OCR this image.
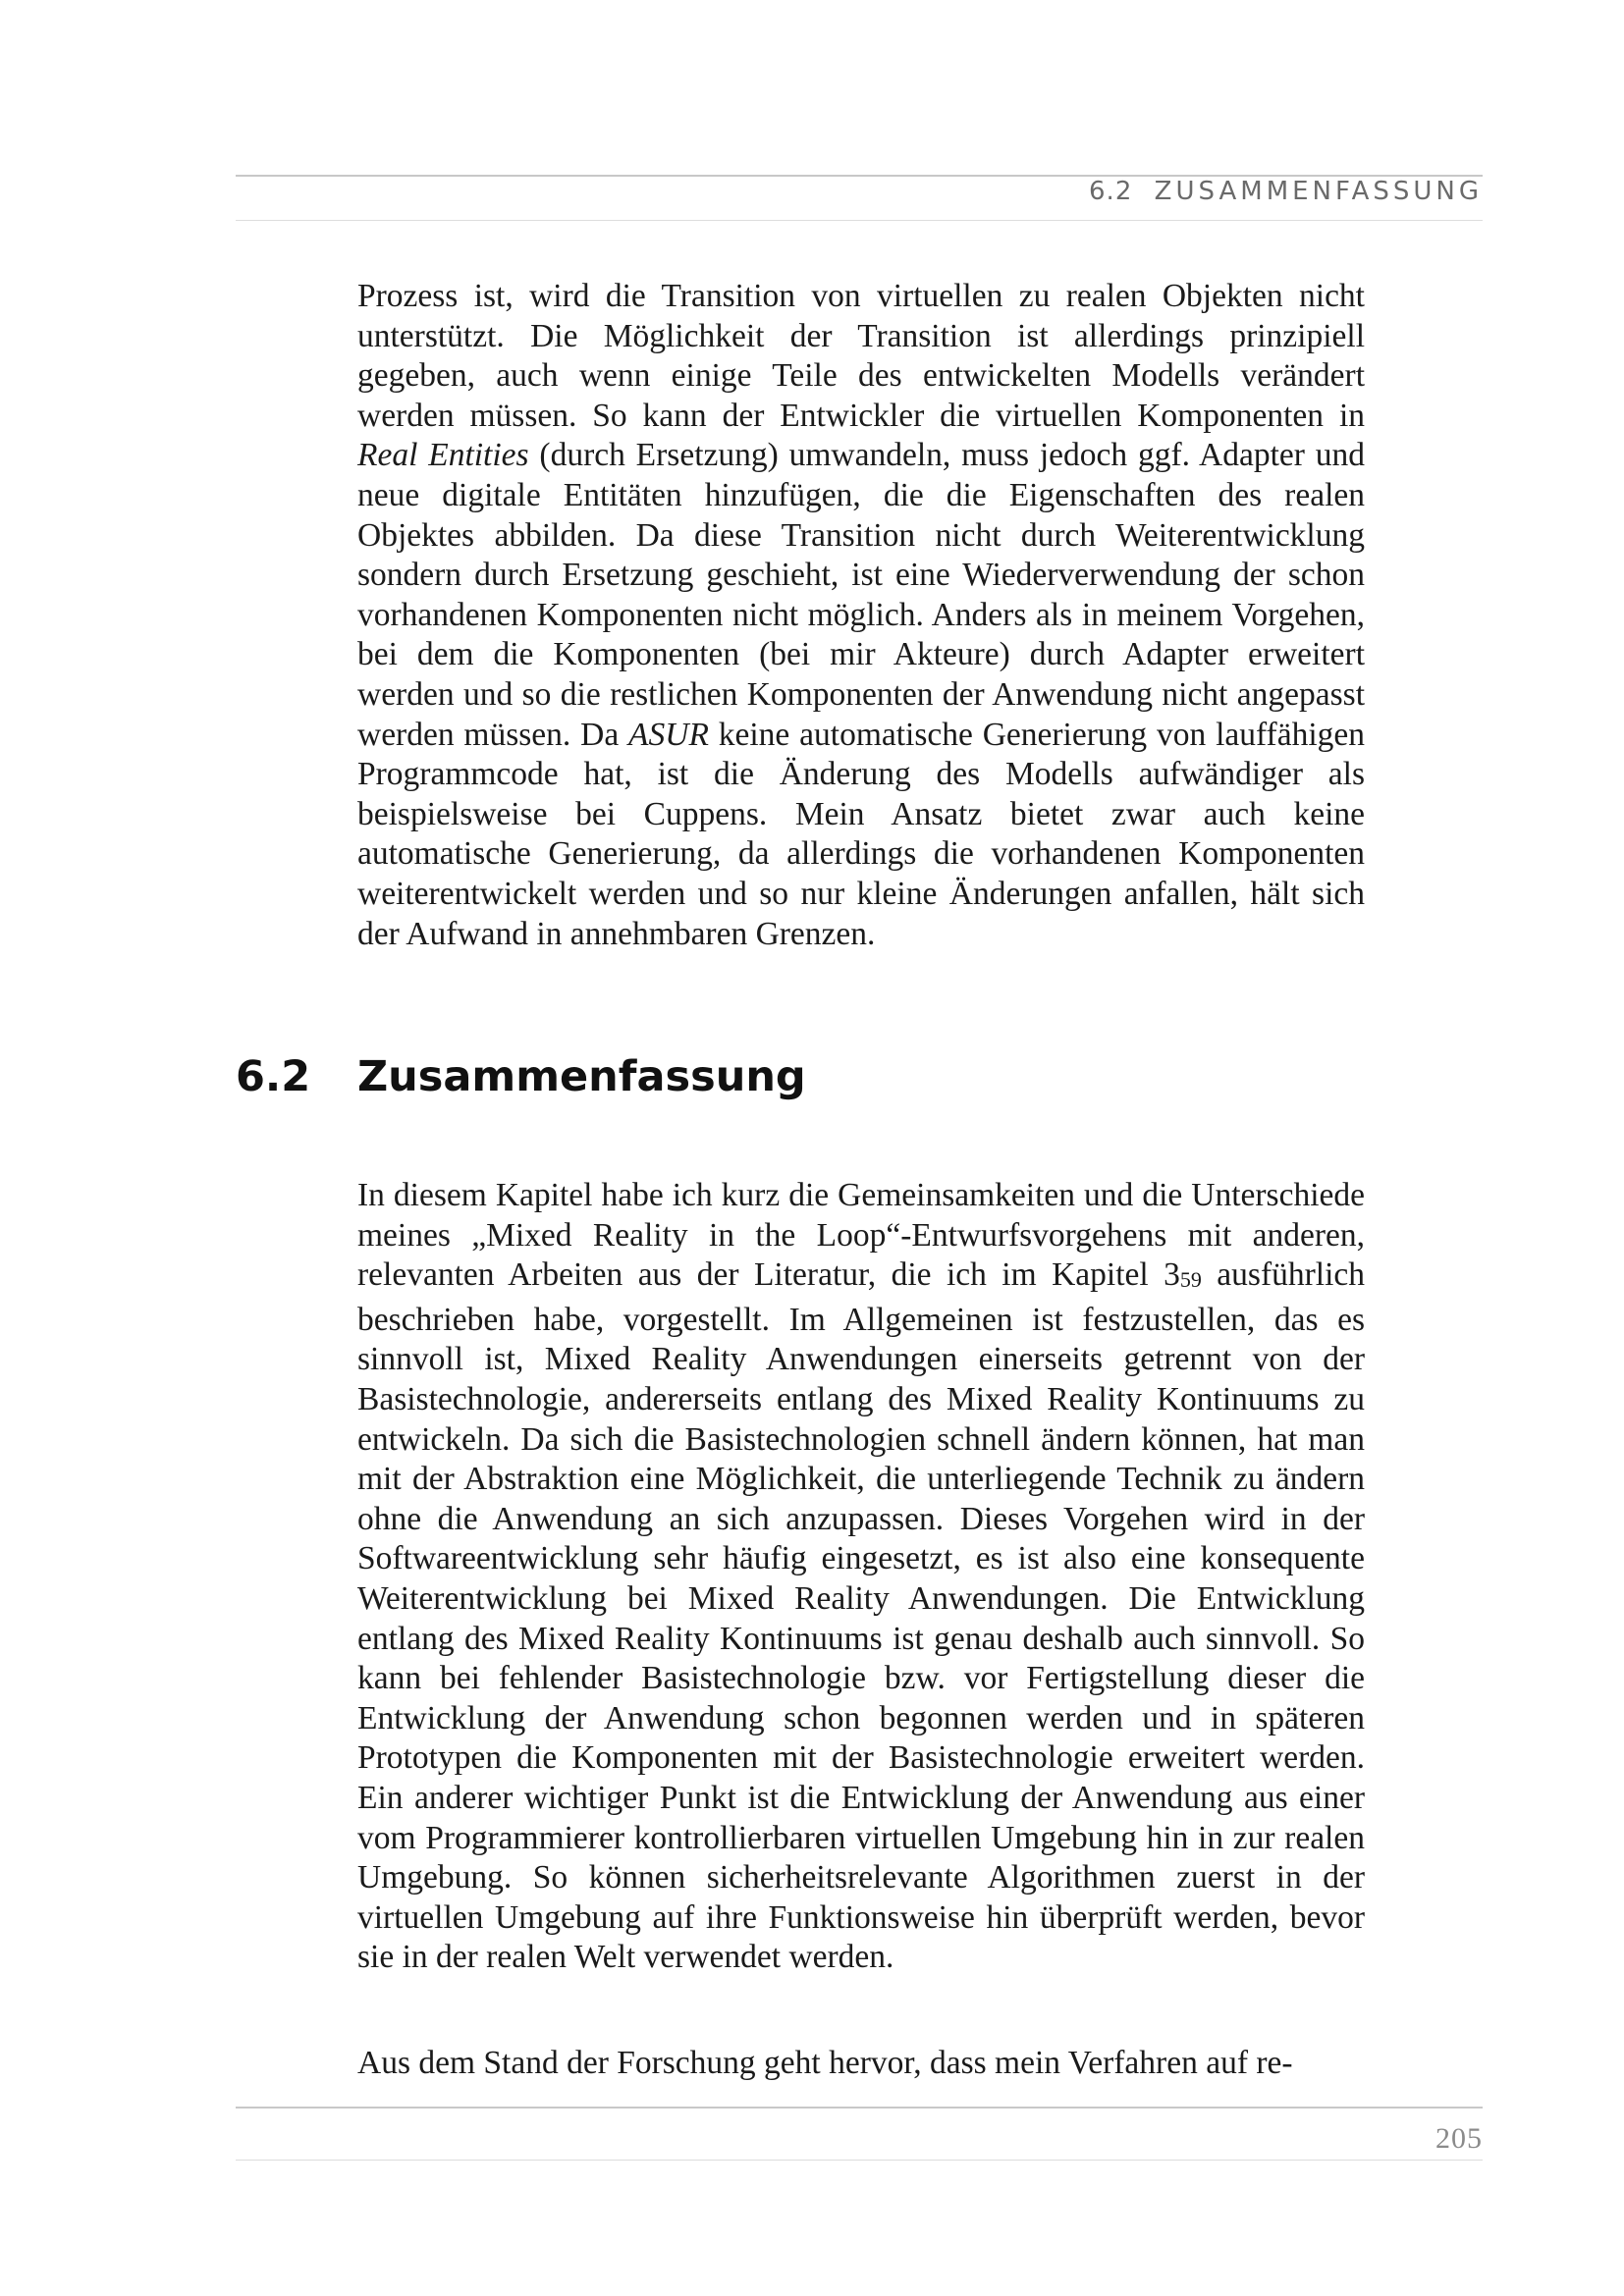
6.2 ZUSAMMENFASSUNG

Prozess ist, wird die Transition von virtuellen zu realen Objekten nicht unterstützt. Die Möglichkeit der Transition ist allerdings prinzipiell gegeben, auch wenn einige Teile des entwickelten Modells verändert werden müssen. So kann der Entwickler die virtuellen Komponenten in Real Entities (durch Ersetzung) umwandeln, muss jedoch ggf. Adapter und neue digitale Entitäten hinzufügen, die die Eigenschaften des realen Objektes abbilden. Da diese Transition nicht durch Weiterentwicklung sondern durch Ersetzung geschieht, ist eine Wiederverwendung der schon vorhandenen Komponenten nicht möglich. Anders als in meinem Vorgehen, bei dem die Komponenten (bei mir Akteure) durch Adapter erweitert werden und so die restlichen Komponenten der Anwendung nicht angepasst werden müssen. Da ASUR keine automatische Generierung von lauffähigen Programmcode hat, ist die Änderung des Modells aufwändiger als beispielsweise bei Cuppens. Mein Ansatz bietet zwar auch keine automatische Generierung, da allerdings die vorhandenen Komponenten weiterentwickelt werden und so nur kleine Änderungen anfallen, hält sich der Aufwand in annehmbaren Grenzen.

6.2 Zusammenfassung

In diesem Kapitel habe ich kurz die Gemeinsamkeiten und die Unterschiede meines „Mixed Reality in the Loop“-Entwurfsvorgehens mit anderen, relevanten Arbeiten aus der Literatur, die ich im Kapitel 359 ausführlich beschrieben habe, vorgestellt. Im Allgemeinen ist festzustellen, das es sinnvoll ist, Mixed Reality Anwendungen einerseits getrennt von der Basistechnologie, andererseits entlang des Mixed Reality Kontinuums zu entwickeln. Da sich die Basistechnologien schnell ändern können, hat man mit der Abstraktion eine Möglichkeit, die unterliegende Technik zu ändern ohne die Anwendung an sich anzupassen. Dieses Vorgehen wird in der Softwareentwicklung sehr häufig eingesetzt, es ist also eine konsequente Weiterentwicklung bei Mixed Reality Anwendungen. Die Entwicklung entlang des Mixed Reality Kontinuums ist genau deshalb auch sinnvoll. So kann bei fehlender Basistechnologie bzw. vor Fertigstellung dieser die Entwicklung der Anwendung schon begonnen werden und in späteren Prototypen die Komponenten mit der Basistechnologie erweitert werden. Ein anderer wichtiger Punkt ist die Entwicklung der Anwendung aus einer vom Programmierer kontrollierbaren virtuellen Umgebung hin in zur realen Umgebung. So können sicherheitsrelevante Algorithmen zuerst in der virtuellen Umgebung auf ihre Funktionsweise hin überprüft werden, bevor sie in der realen Welt verwendet werden.

Aus dem Stand der Forschung geht hervor, dass mein Verfahren auf re-

205
